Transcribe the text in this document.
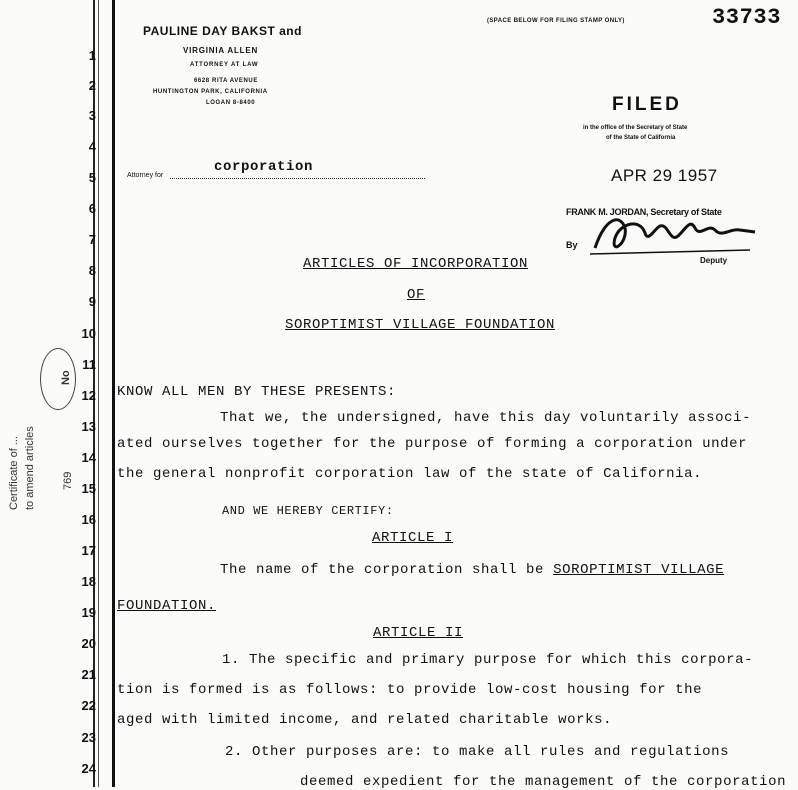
1
2
3
4
5
6
7
8
9
10
11
12
13
14
15
16
17
18
19
20
21
22
23
24
Certificate of ... to amend articles
No
769
PAULINE DAY BAKST and
VIRGINIA ALLEN
ATTORNEY AT LAW
6628 RITA AVENUE
HUNTINGTON PARK, CALIFORNIA
LOGAN 8-8400
Attorney for
corporation
(SPACE BELOW FOR FILING STAMP ONLY)	33733
FILED
in the office of the Secretary of State
of the State of California
APR 29 1957
FRANK M. JORDAN, Secretary of State
By
Deputy
ARTICLES OF INCORPORATION
OF
SOROPTIMIST VILLAGE FOUNDATION
KNOW ALL MEN BY THESE PRESENTS:
That we, the undersigned, have this day voluntarily associ-
ated ourselves together for the purpose of forming a corporation under
the general nonprofit corporation law of the state of California.
AND WE HEREBY CERTIFY:
ARTICLE I
The name of the corporation shall be SOROPTIMIST VILLAGE
FOUNDATION.
ARTICLE II
1. The specific and primary purpose for which this corpora-
tion is formed is as follows: to provide low-cost housing for the
aged with limited income, and related charitable works.
2. Other purposes are: to make all rules and regulations
deemed expedient for the management of the corporation
